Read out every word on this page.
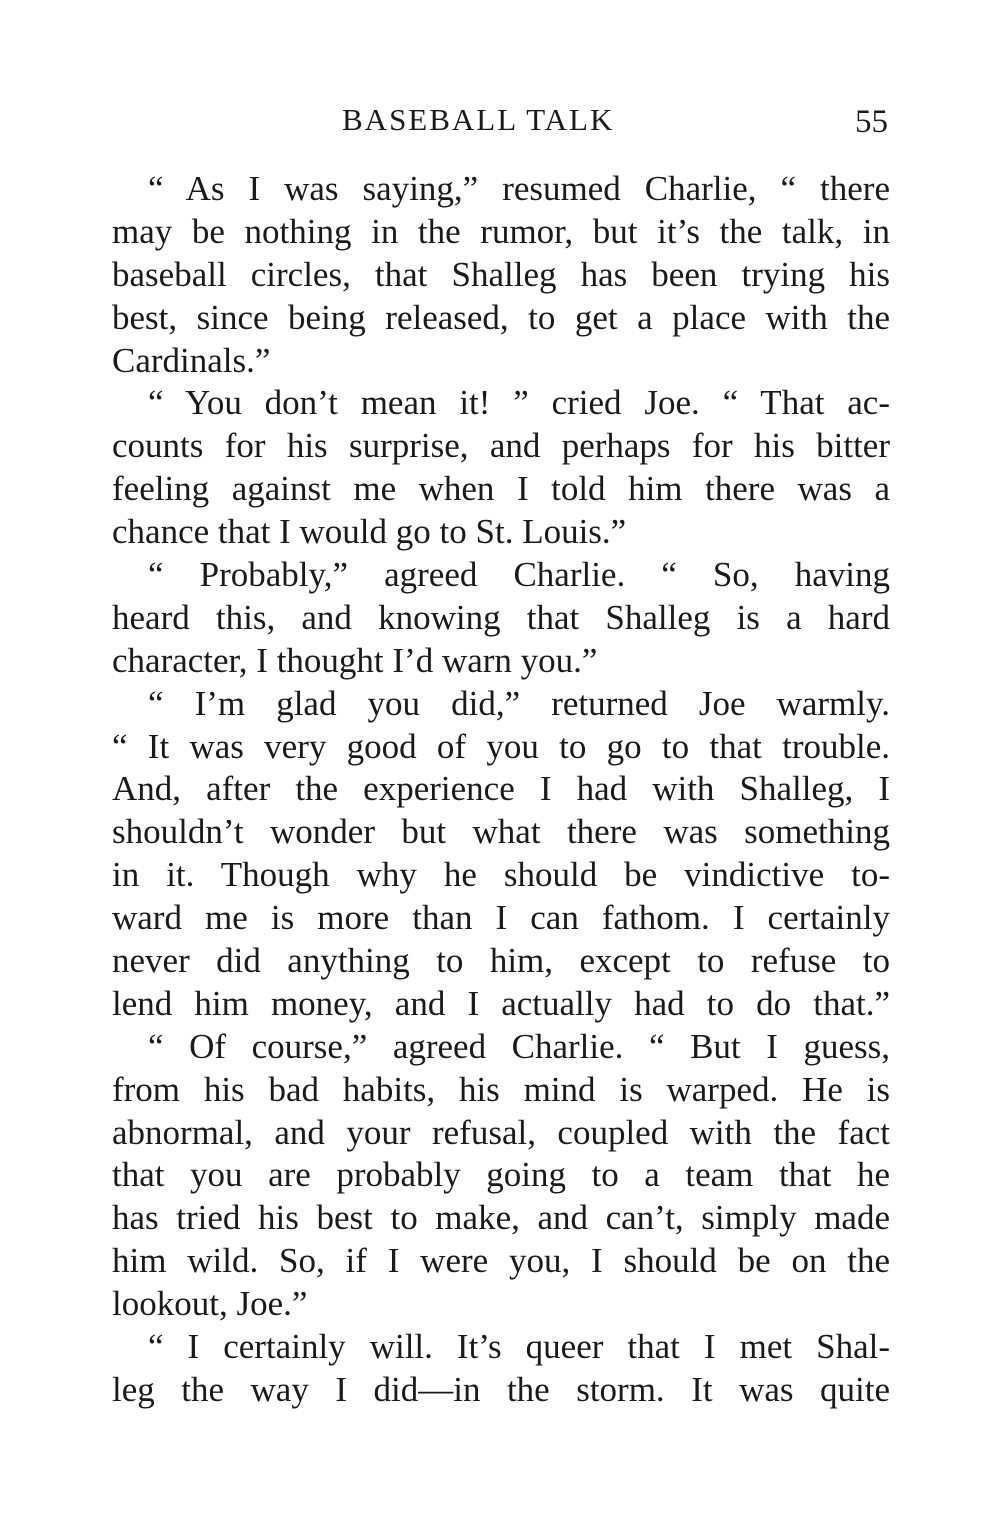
BASEBALL TALK	55
“ As I was saying,” resumed Charlie, “ there
may be nothing in the rumor, but it’s the talk, in
baseball circles, that Shalleg has been trying his
best, since being released, to get a place with the
Cardinals.”
“ You don’t mean it! ” cried Joe. “ That ac-
counts for his surprise, and perhaps for his bitter
feeling against me when I told him there was a
chance that I would go to St. Louis.”
“ Probably,” agreed Charlie. “ So, having
heard this, and knowing that Shalleg is a hard
character, I thought I’d warn you.”
“ I’m glad you did,” returned Joe warmly.
“ It was very good of you to go to that trouble.
And, after the experience I had with Shalleg, I
shouldn’t wonder but what there was something
in it. Though why he should be vindictive to-
ward me is more than I can fathom. I certainly
never did anything to him, except to refuse to
lend him money, and I actually had to do that.”
“ Of course,” agreed Charlie. “ But I guess,
from his bad habits, his mind is warped. He is
abnormal, and your refusal, coupled with the fact
that you are probably going to a team that he
has tried his best to make, and can’t, simply made
him wild. So, if I were you, I should be on the
lookout, Joe.”
“ I certainly will. It’s queer that I met Shal-
leg the way I did—in the storm. It was quite
